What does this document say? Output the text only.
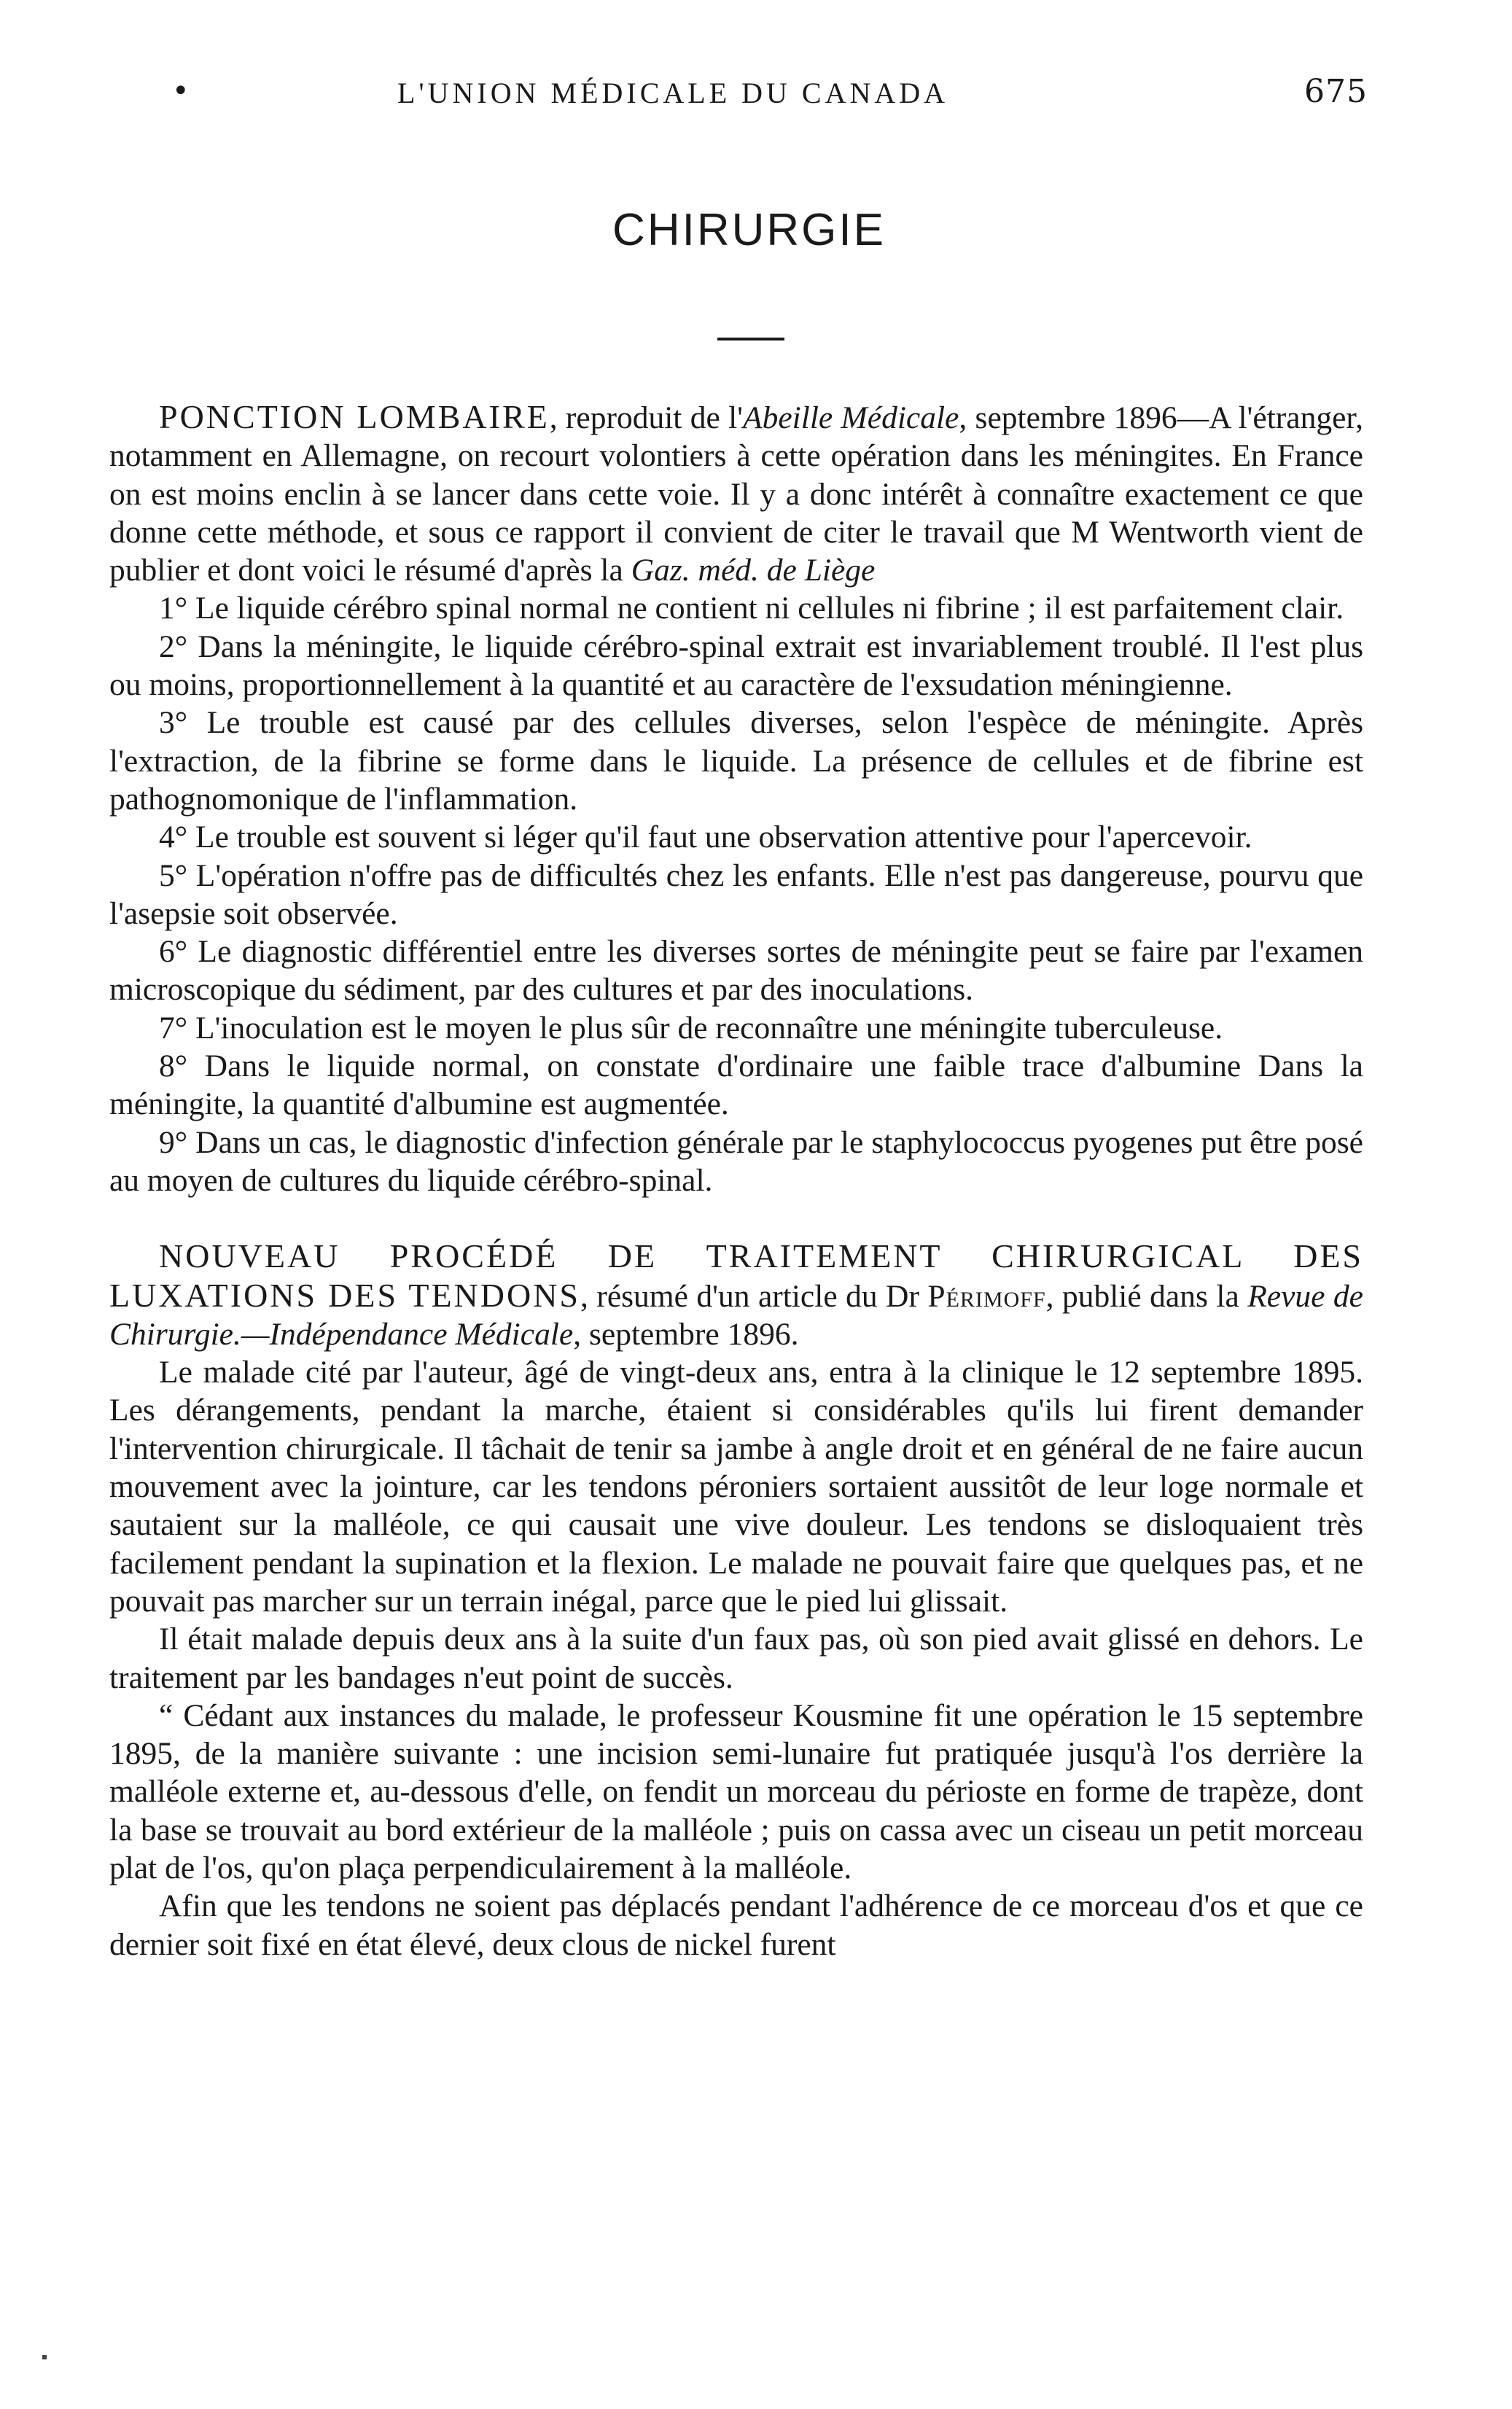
•	L'UNION MÉDICALE DU CANADA	675
CHIRURGIE

PONCTION LOMBAIRE, reproduit de l'Abeille Médicale, septembre 1896—A l'étranger, notamment en Allemagne, on recourt volontiers à cette opération dans les méningites. En France on est moins enclin à se lancer dans cette voie. Il y a donc intérêt à connaître exactement ce que donne cette méthode, et sous ce rapport il convient de citer le travail que M Wentworth vient de publier et dont voici le résumé d'après la Gaz. méd. de Liège

1° Le liquide cérébro spinal normal ne contient ni cellules ni fibrine ; il est parfaitement clair.

2° Dans la méningite, le liquide cérébro-spinal extrait est invariablement troublé. Il l'est plus ou moins, proportionnellement à la quantité et au caractère de l'exsudation méningienne.

3° Le trouble est causé par des cellules diverses, selon l'espèce de méningite. Après l'extraction, de la fibrine se forme dans le liquide. La présence de cellules et de fibrine est pathognomonique de l'inflammation.

4° Le trouble est souvent si léger qu'il faut une observation attentive pour l'apercevoir.

5° L'opération n'offre pas de difficultés chez les enfants. Elle n'est pas dangereuse, pourvu que l'asepsie soit observée.

6° Le diagnostic différentiel entre les diverses sortes de méningite peut se faire par l'examen microscopique du sédiment, par des cultures et par des inoculations.

7° L'inoculation est le moyen le plus sûr de reconnaître une méningite tuberculeuse.

8° Dans le liquide normal, on constate d'ordinaire une faible trace d'albumine Dans la méningite, la quantité d'albumine est augmentée.

9° Dans un cas, le diagnostic d'infection générale par le staphylococcus pyogenes put être posé au moyen de cultures du liquide cérébro-spinal.

NOUVEAU PROCÉDÉ DE TRAITEMENT CHIRURGICAL DES LUXATIONS DES TENDONS, résumé d'un article du Dr Périmoff, publié dans la Revue de Chirurgie.—Indépendance Médicale, septembre 1896.

Le malade cité par l'auteur, âgé de vingt-deux ans, entra à la clinique le 12 septembre 1895. Les dérangements, pendant la marche, étaient si considérables qu'ils lui firent demander l'intervention chirurgicale. Il tâchait de tenir sa jambe à angle droit et en général de ne faire aucun mouvement avec la jointure, car les tendons péroniers sortaient aussitôt de leur loge normale et sautaient sur la malléole, ce qui causait une vive douleur. Les tendons se disloquaient très facilement pendant la supination et la flexion. Le malade ne pouvait faire que quelques pas, et ne pouvait pas marcher sur un terrain inégal, parce que le pied lui glissait.

Il était malade depuis deux ans à la suite d'un faux pas, où son pied avait glissé en dehors. Le traitement par les bandages n'eut point de succès.

“ Cédant aux instances du malade, le professeur Kousmine fit une opération le 15 septembre 1895, de la manière suivante : une incision semi-lunaire fut pratiquée jusqu'à l'os derrière la malléole externe et, au-dessous d'elle, on fendit un morceau du périoste en forme de trapèze, dont la base se trouvait au bord extérieur de la malléole ; puis on cassa avec un ciseau un petit morceau plat de l'os, qu'on plaça perpendiculairement à la malléole.

Afin que les tendons ne soient pas déplacés pendant l'adhérence de ce morceau d'os et que ce dernier soit fixé en état élevé, deux clous de nickel furent
